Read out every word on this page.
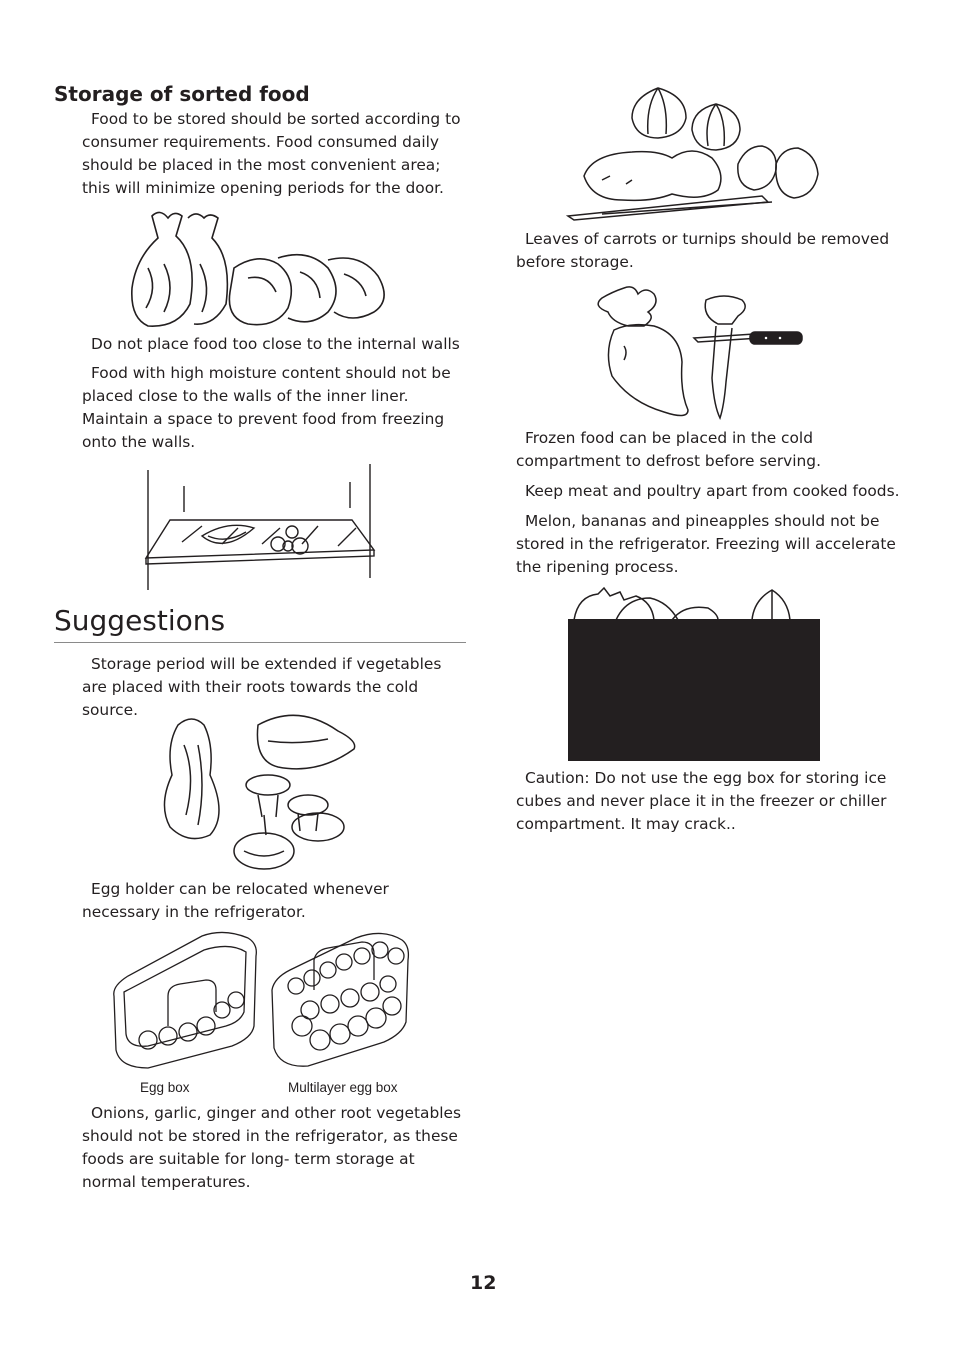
Storage of sorted food

Food to be stored should be sorted according to consumer requirements. Food consumed daily should be placed in the most convenient area; this will minimize opening periods for the door.

Do not place food too close to the internal walls

Food with high moisture content should not be placed close to the walls of the inner liner. Maintain a space to prevent food from freezing onto the walls.

Suggestions

Storage period will be extended if vegetables are placed with their roots towards the cold source.

Egg holder can be relocated whenever necessary in the refrigerator.

Egg box	Multilayer egg box

Onions, garlic, ginger and other root vegetables should not be stored in the refrigerator, as these foods are suitable for long- term storage at normal temperatures.

Leaves of carrots or turnips should be removed before storage.

Frozen food can be placed in the cold compartment to defrost before serving.

Keep meat and poultry apart from cooked foods.

Melon, bananas and pineapples should not be stored in the refrigerator. Freezing will accelerate the ripening process.

Caution: Do not use the egg box for storing ice cubes and never place it in the freezer or chiller compartment. It may crack..

12
